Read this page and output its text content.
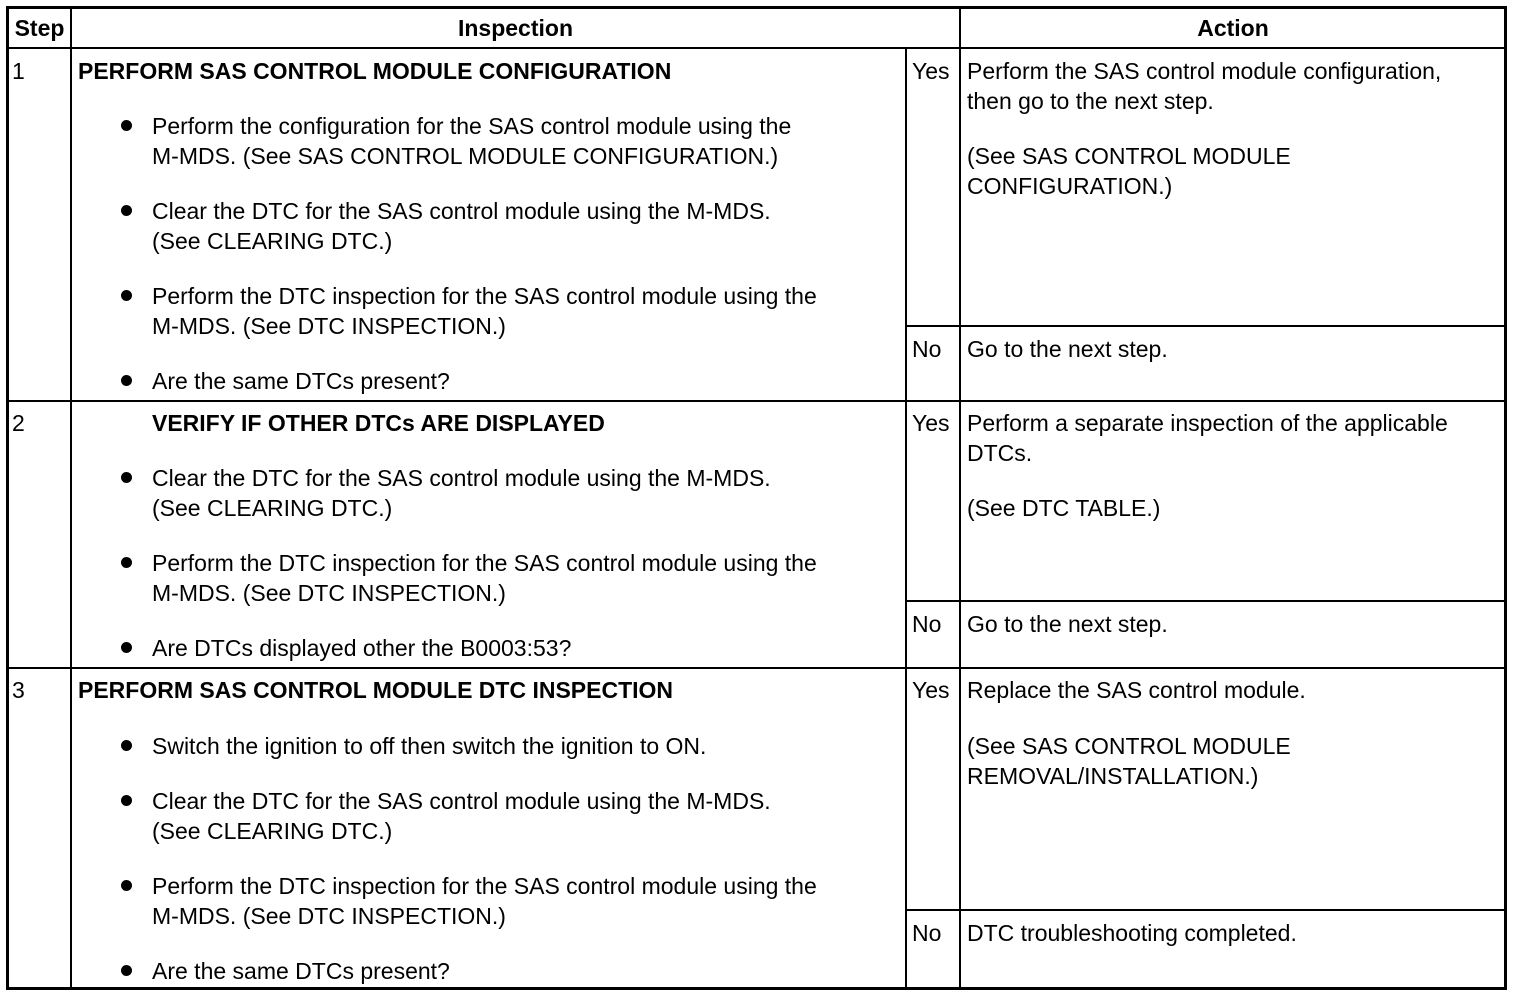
Step	Inspection	Action
1 PERFORM SAS CONTROL MODULE CONFIGURATION
Perform the configuration for the SAS control module using the
M-MDS. (See SAS CONTROL MODULE CONFIGURATION.)
Clear the DTC for the SAS control module using the M-MDS.
(See CLEARING DTC.)
Perform the DTC inspection for the SAS control module using the
M-MDS. (See DTC INSPECTION.)
Are the same DTCs present?
Yes Perform the SAS control module configuration,
then go to the next step.
(See SAS CONTROL MODULE
CONFIGURATION.)
No Go to the next step.
2	VERIFY IF OTHER DTCs ARE DISPLAYED
Clear the DTC for the SAS control module using the M-MDS.
(See CLEARING DTC.)
Perform the DTC inspection for the SAS control module using the
M-MDS. (See DTC INSPECTION.)
Are DTCs displayed other the B0003:53?
Yes Perform a separate inspection of the applicable
DTCs.
(See DTC TABLE.)
No Go to the next step.
3 PERFORM SAS CONTROL MODULE DTC INSPECTION
Switch the ignition to off then switch the ignition to ON.
Clear the DTC for the SAS control module using the M-MDS.
(See CLEARING DTC.)
Perform the DTC inspection for the SAS control module using the
M-MDS. (See DTC INSPECTION.)
Are the same DTCs present?
Yes Replace the SAS control module.
(See SAS CONTROL MODULE
REMOVAL/INSTALLATION.)
No DTC troubleshooting completed.
